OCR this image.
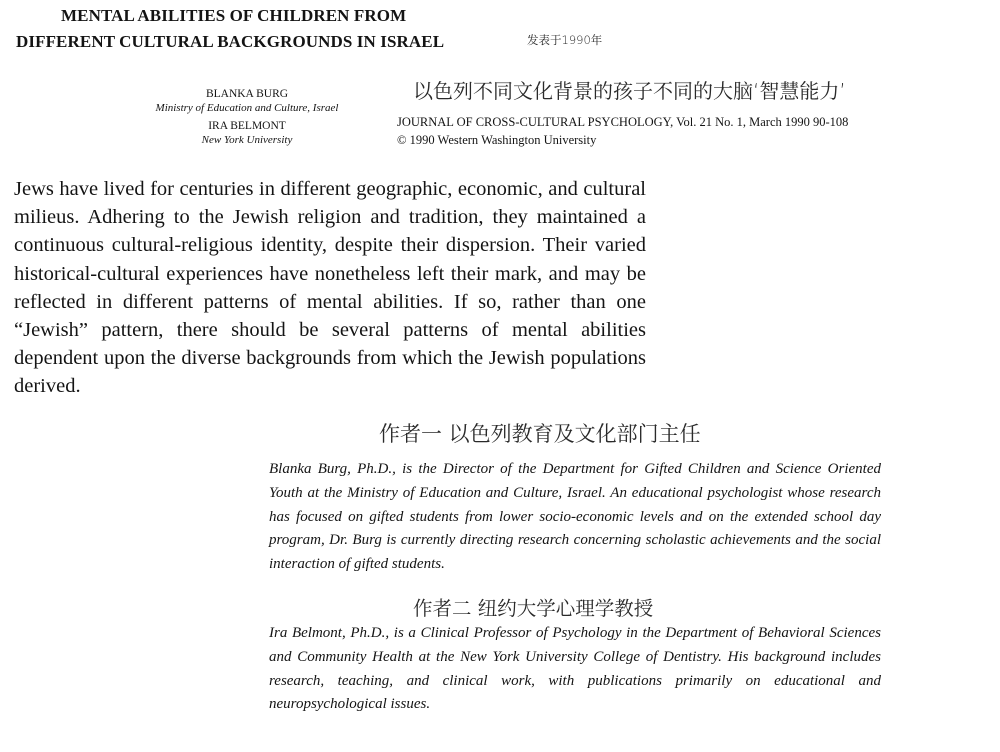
MENTAL ABILITIES OF CHILDREN FROM
DIFFERENT CULTURAL BACKGROUNDS IN ISRAEL	发表于1990年
以色列不同文化背景的孩子不同的大脑‘智慧能力’
BLANKA BURG
Ministry of Education and Culture, Israel
IRA BELMONT
New York University
JOURNAL OF CROSS-CULTURAL PSYCHOLOGY, Vol. 21 No. 1, March 1990 90-108
© 1990 Western Washington University
Jews have lived for centuries in different geographic, economic, and cultural milieus. Adhering to the Jewish religion and tradition, they maintained a continuous cultural-religious identity, despite their dispersion. Their varied historical-cultural experiences have nonetheless left their mark, and may be reflected in different patterns of mental abilities. If so, rather than one “Jewish” pattern, there should be several patterns of mental abilities dependent upon the diverse backgrounds from which the Jewish populations derived.
作者一 以色列教育及文化部门主任
Blanka Burg, Ph.D., is the Director of the Department for Gifted Children and Science Oriented Youth at the Ministry of Education and Culture, Israel. An educational psychologist whose research has focused on gifted students from lower socio-economic levels and on the extended school day program, Dr. Burg is currently directing research concerning scholastic achievements and the social interaction of gifted students.
作者二 纽约大学心理学教授
Ira Belmont, Ph.D., is a Clinical Professor of Psychology in the Department of Behavioral Sciences and Community Health at the New York University College of Dentistry. His background includes research, teaching, and clinical work, with publications primarily on educational and neuropsychological issues.
